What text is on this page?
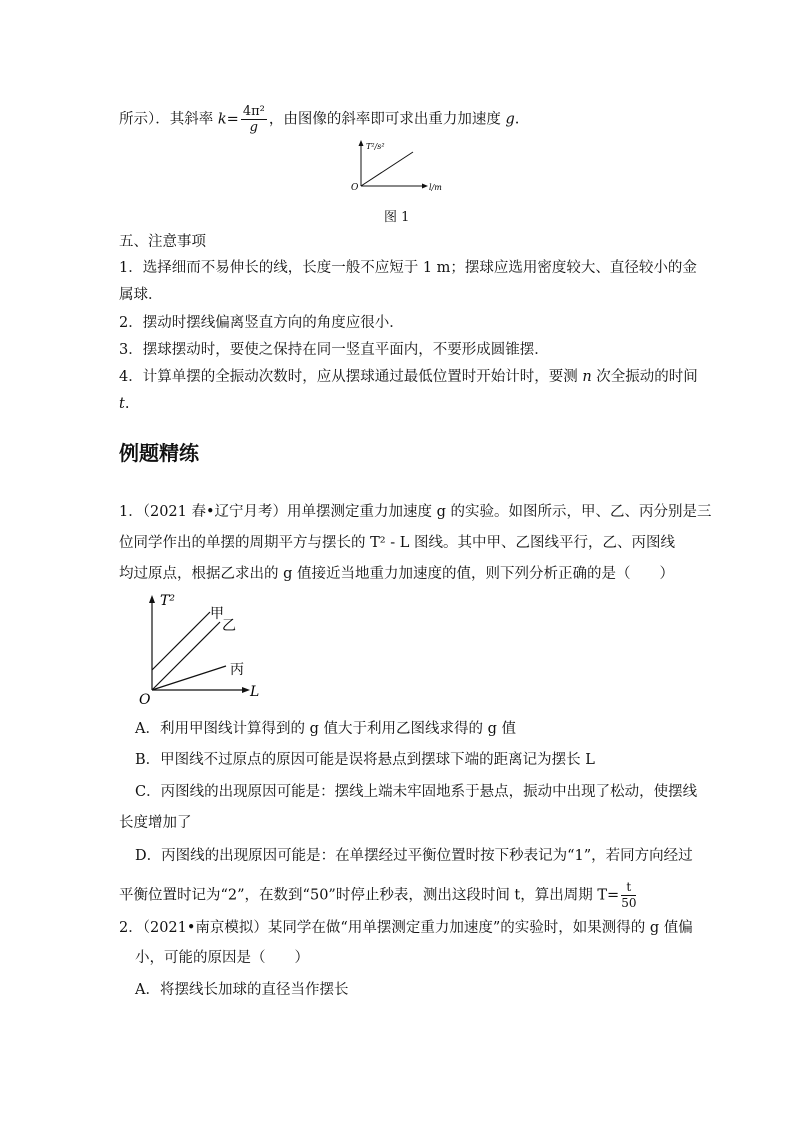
所示）．其斜率 $k= \frac{\text{4π²}}{g}$ ，由图像的斜率即可求出重力加速度 g.
T²/s²
l/m
O
图 1
五、注意事项
1．选择细而不易伸长的线，长度一般不应短于 1 m；摆球应选用密度较大、直径较小的金
属球．
2．摆动时摆线偏离竖直方向的角度应很小．
3．摆球摆动时，要使之保持在同一竖直平面内，不要形成圆锥摆．
4．计算单摆的全振动次数时，应从摆球通过最低位置时开始计时，要测 n 次全振动的时间
t.
例题精练
1．（2021 春•辽宁月考）用单摆测定重力加速度 g 的实验。如图所示，甲、乙、丙分别是三
位同学作出的单摆的周期平方与摆长的 T² - L 图线。其中甲、乙图线平行，乙、丙图线
均过原点，根据乙求出的 g 值接近当地重力加速度的值，则下列分析正确的是（　　）
T²
L
O
甲
乙
丙
A．利用甲图线计算得到的 g 值大于利用乙图线求得的 g 值
B．甲图线不过原点的原因可能是误将悬点到摆球下端的距离记为摆长 L
C．丙图线的出现原因可能是：摆线上端未牢固地系于悬点，振动中出现了松动，使摆线
长度增加了
D．丙图线的出现原因可能是：在单摆经过平衡位置时按下秒表记为“1”，若同方向经过
平衡位置时记为“2”，在数到“50”时停止秒表，测出这段时间 t，算出周期 $T= \frac{t}{50}$
2．（2021•南京模拟）某同学在做“用单摆测定重力加速度”的实验时，如果测得的 g 值偏
小，可能的原因是（　　）
A．将摆线长加球的直径当作摆长
